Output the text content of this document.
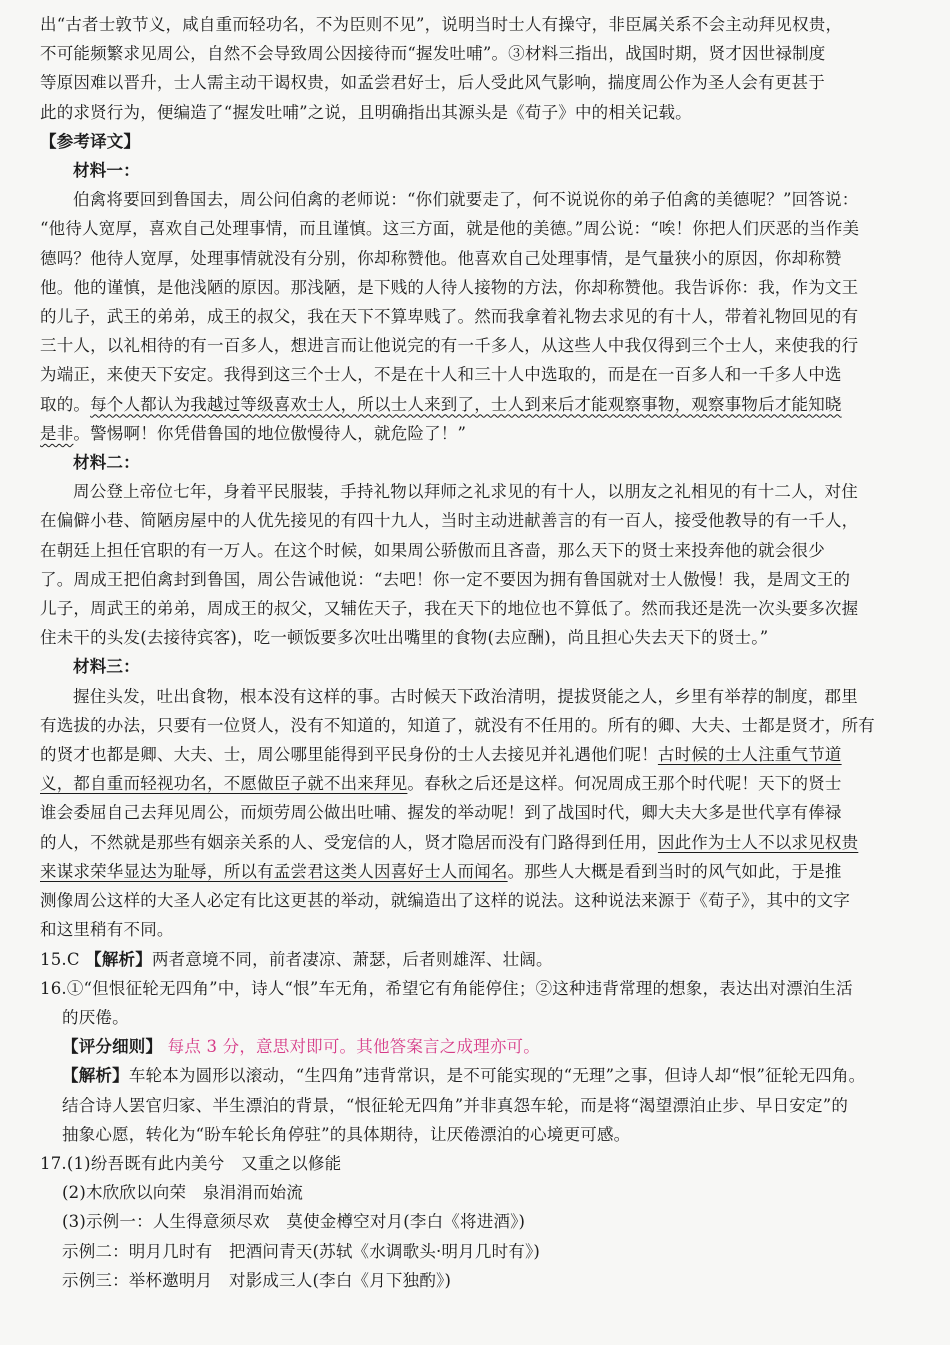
出“古者士敦节义，咸自重而轻功名，不为臣则不见”，说明当时士人有操守，非臣属关系不会主动拜见权贵，
不可能频繁求见周公，自然不会导致周公因接待而“握发吐哺”。③材料三指出，战国时期，贤才因世禄制度
等原因难以晋升，士人需主动干谒权贵，如孟尝君好士，后人受此风气影响，揣度周公作为圣人会有更甚于
此的求贤行为，便编造了“握发吐哺”之说，且明确指出其源头是《荀子》中的相关记载。
【参考译文】
材料一：
伯禽将要回到鲁国去，周公问伯禽的老师说：“你们就要走了，何不说说你的弟子伯禽的美德呢？”回答说：
“他待人宽厚，喜欢自己处理事情，而且谨慎。这三方面，就是他的美德。”周公说：“唉！你把人们厌恶的当作美
德吗？他待人宽厚，处理事情就没有分别，你却称赞他。他喜欢自己处理事情，是气量狭小的原因，你却称赞
他。他的谨慎，是他浅陋的原因。那浅陋，是下贱的人待人接物的方法，你却称赞他。我告诉你：我，作为文王
的儿子，武王的弟弟，成王的叔父，我在天下不算卑贱了。然而我拿着礼物去求见的有十人，带着礼物回见的有
三十人，以礼相待的有一百多人，想进言而让他说完的有一千多人，从这些人中我仅得到三个士人，来使我的行
为端正，来使天下安定。我得到这三个士人，不是在十人和三十人中选取的，而是在一百多人和一千多人中选
取的。每个人都认为我越过等级喜欢士人，所以士人来到了，士人到来后才能观察事物，观察事物后才能知晓
是非。警惕啊！你凭借鲁国的地位傲慢待人，就危险了！”
材料二：
周公登上帝位七年，身着平民服装，手持礼物以拜师之礼求见的有十人，以朋友之礼相见的有十二人，对住
在偏僻小巷、简陋房屋中的人优先接见的有四十九人，当时主动进献善言的有一百人，接受他教导的有一千人，
在朝廷上担任官职的有一万人。在这个时候，如果周公骄傲而且吝啬，那么天下的贤士来投奔他的就会很少
了。周成王把伯禽封到鲁国，周公告诫他说：“去吧！你一定不要因为拥有鲁国就对士人傲慢！我，是周文王的
儿子，周武王的弟弟，周成王的叔父，又辅佐天子，我在天下的地位也不算低了。然而我还是洗一次头要多次握
住未干的头发(去接待宾客)，吃一顿饭要多次吐出嘴里的食物(去应酬)，尚且担心失去天下的贤士。”
材料三：
握住头发，吐出食物，根本没有这样的事。古时候天下政治清明，提拔贤能之人，乡里有举荐的制度，郡里
有选拔的办法，只要有一位贤人，没有不知道的，知道了，就没有不任用的。所有的卿、大夫、士都是贤才，所有
的贤才也都是卿、大夫、士，周公哪里能得到平民身份的士人去接见并礼遇他们呢！古时候的士人注重气节道
义，都自重而轻视功名，不愿做臣子就不出来拜见。春秋之后还是这样。何况周成王那个时代呢！天下的贤士
谁会委屈自己去拜见周公，而烦劳周公做出吐哺、握发的举动呢！到了战国时代，卿大夫大多是世代享有俸禄
的人，不然就是那些有姻亲关系的人、受宠信的人，贤才隐居而没有门路得到任用，因此作为士人不以求见权贵
来谋求荣华显达为耻辱，所以有孟尝君这类人因喜好士人而闻名。那些人大概是看到当时的风气如此，于是推
测像周公这样的大圣人必定有比这更甚的举动，就编造出了这样的说法。这种说法来源于《荀子》，其中的文字
和这里稍有不同。
15.C 【解析】两者意境不同，前者凄凉、萧瑟，后者则雄浑、壮阔。
16.①“但恨征轮无四角”中，诗人“恨”车无角，希望它有角能停住；②这种违背常理的想象，表达出对漂泊生活
的厌倦。
【评分细则】 每点 3 分，意思对即可。其他答案言之成理亦可。
【解析】车轮本为圆形以滚动，“生四角”违背常识，是不可能实现的“无理”之事，但诗人却“恨”征轮无四角。
结合诗人罢官归家、半生漂泊的背景，“恨征轮无四角”并非真怨车轮，而是将“渴望漂泊止步、早日安定”的
抽象心愿，转化为“盼车轮长角停驻”的具体期待，让厌倦漂泊的心境更可感。
17.(1)纷吾既有此内美兮　又重之以修能
(2)木欣欣以向荣　泉涓涓而始流
(3)示例一：人生得意须尽欢　莫使金樽空对月(李白《将进酒》)
示例二：明月几时有　把酒问青天(苏轼《水调歌头·明月几时有》)
示例三：举杯邀明月　对影成三人(李白《月下独酌》)
